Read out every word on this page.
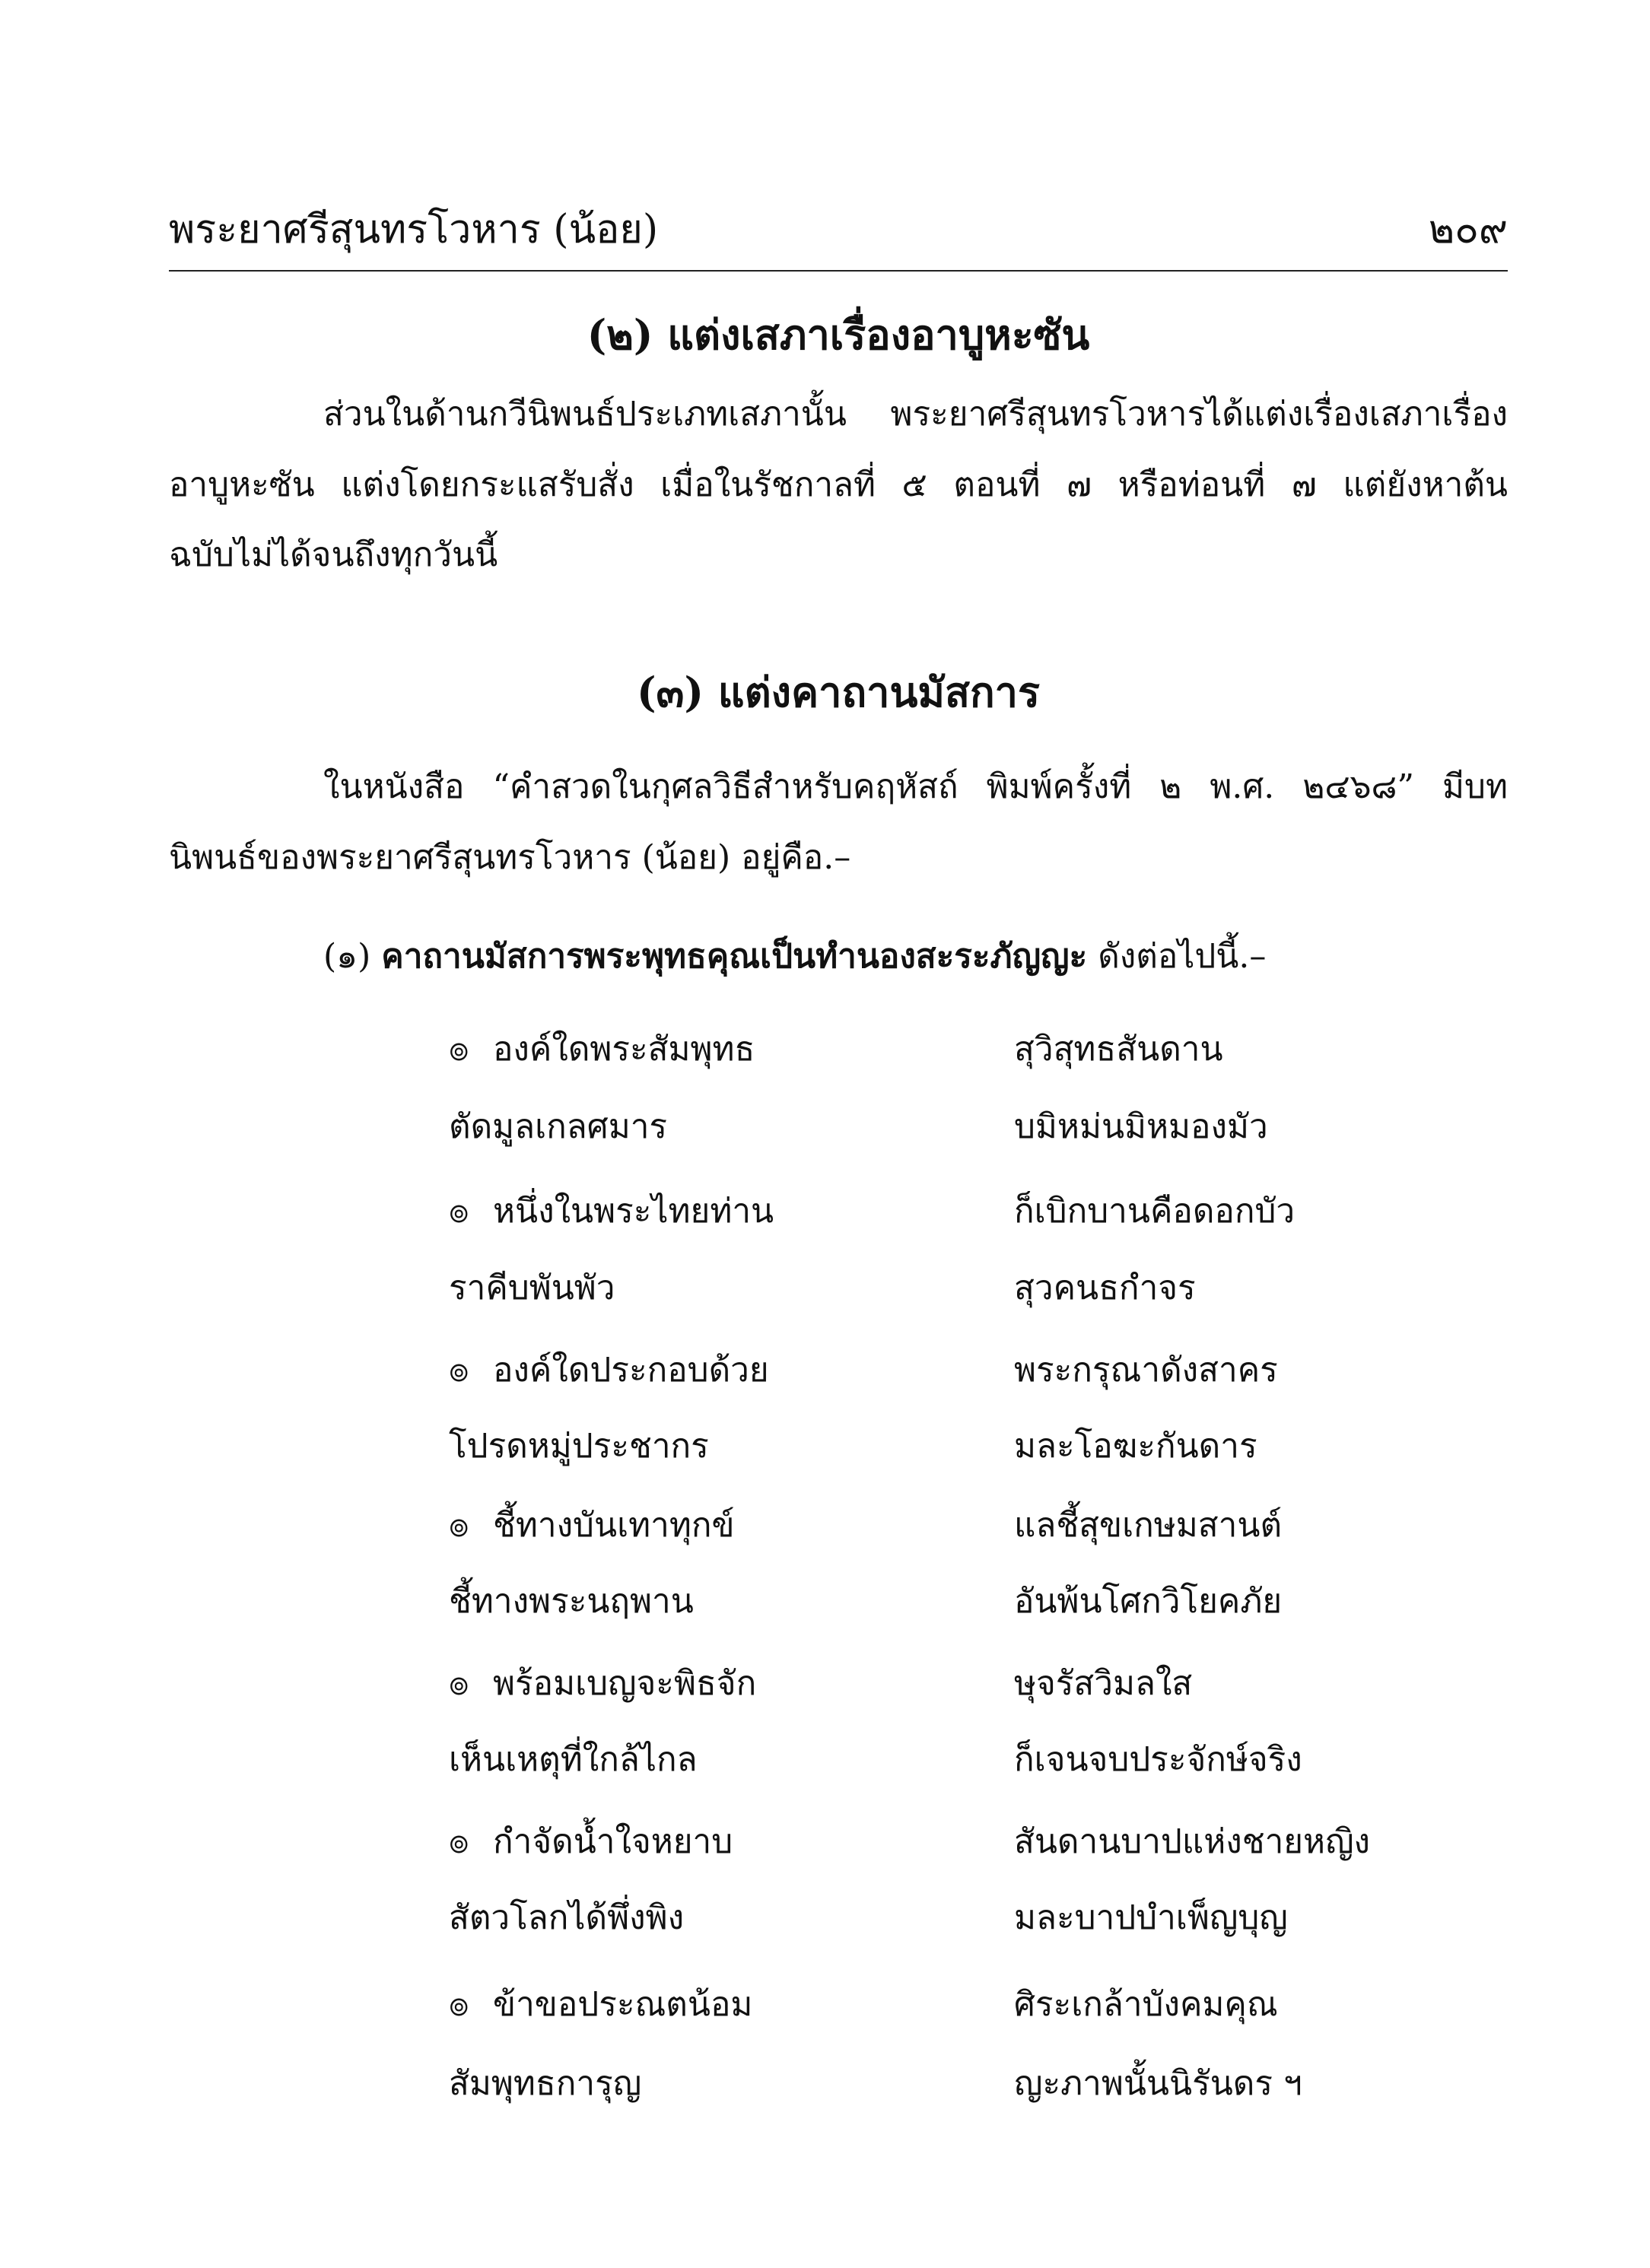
พระยาศรีสุนทรโวหาร (น้อย)	๒๐๙
(๒) แต่งเสภาเรื่องอาบูหะซัน
ส่วนในด้านกวีนิพนธ์ประเภทเสภานั้น พระยาศรีสุนทรโวหารได้แต่งเรื่องเสภาเรื่อง
อาบูหะซัน แต่งโดยกระแสรับสั่ง เมื่อในรัชกาลที่ ๕ ตอนที่ ๗ หรือท่อนที่ ๗ แต่ยังหาต้น
ฉบับไม่ได้จนถึงทุกวันนี้
(๓) แต่งคาถานมัสการ
ในหนังสือ “คำสวดในกุศลวิธีสำหรับคฤหัสถ์ พิมพ์ครั้งที่ ๒ พ.ศ. ๒๔๖๘” มีบท
นิพนธ์ของพระยาศรีสุนทรโวหาร (น้อย) อยู่คือ.–
(๑) คาถานมัสการพระพุทธคุณเป็นทำนองสะระภัญญะ ดังต่อไปนี้.–
๏ องค์ใดพระสัมพุทธ	สุวิสุทธสันดาน
ตัดมูลเกลศมาร	บมิหม่นมิหมองมัว
๏ หนึ่งในพระไทยท่าน	ก็เบิกบานคือดอกบัว
ราคีบพันพัว	สุวคนธกำจร
๏ องค์ใดประกอบด้วย	พระกรุณาดังสาคร
โปรดหมู่ประชากร	มละโอฆะกันดาร
๏ ชี้ทางบันเทาทุกข์	แลชี้สุขเกษมสานต์
ชี้ทางพระนฤพาน	อันพ้นโศกวิโยคภัย
๏ พร้อมเบญจะพิธจัก	ษุจรัสวิมลใส
เห็นเหตุที่ใกล้ไกล	ก็เจนจบประจักษ์จริง
๏ กำจัดน้ำใจหยาบ	สันดานบาปแห่งชายหญิง
สัตวโลกได้พึ่งพิง	มละบาปบำเพ็ญบุญ
๏ ข้าขอประณตน้อม	ศิระเกล้าบังคมคุณ
สัมพุทธการุญ	ญะภาพนั้นนิรันดร ฯ
